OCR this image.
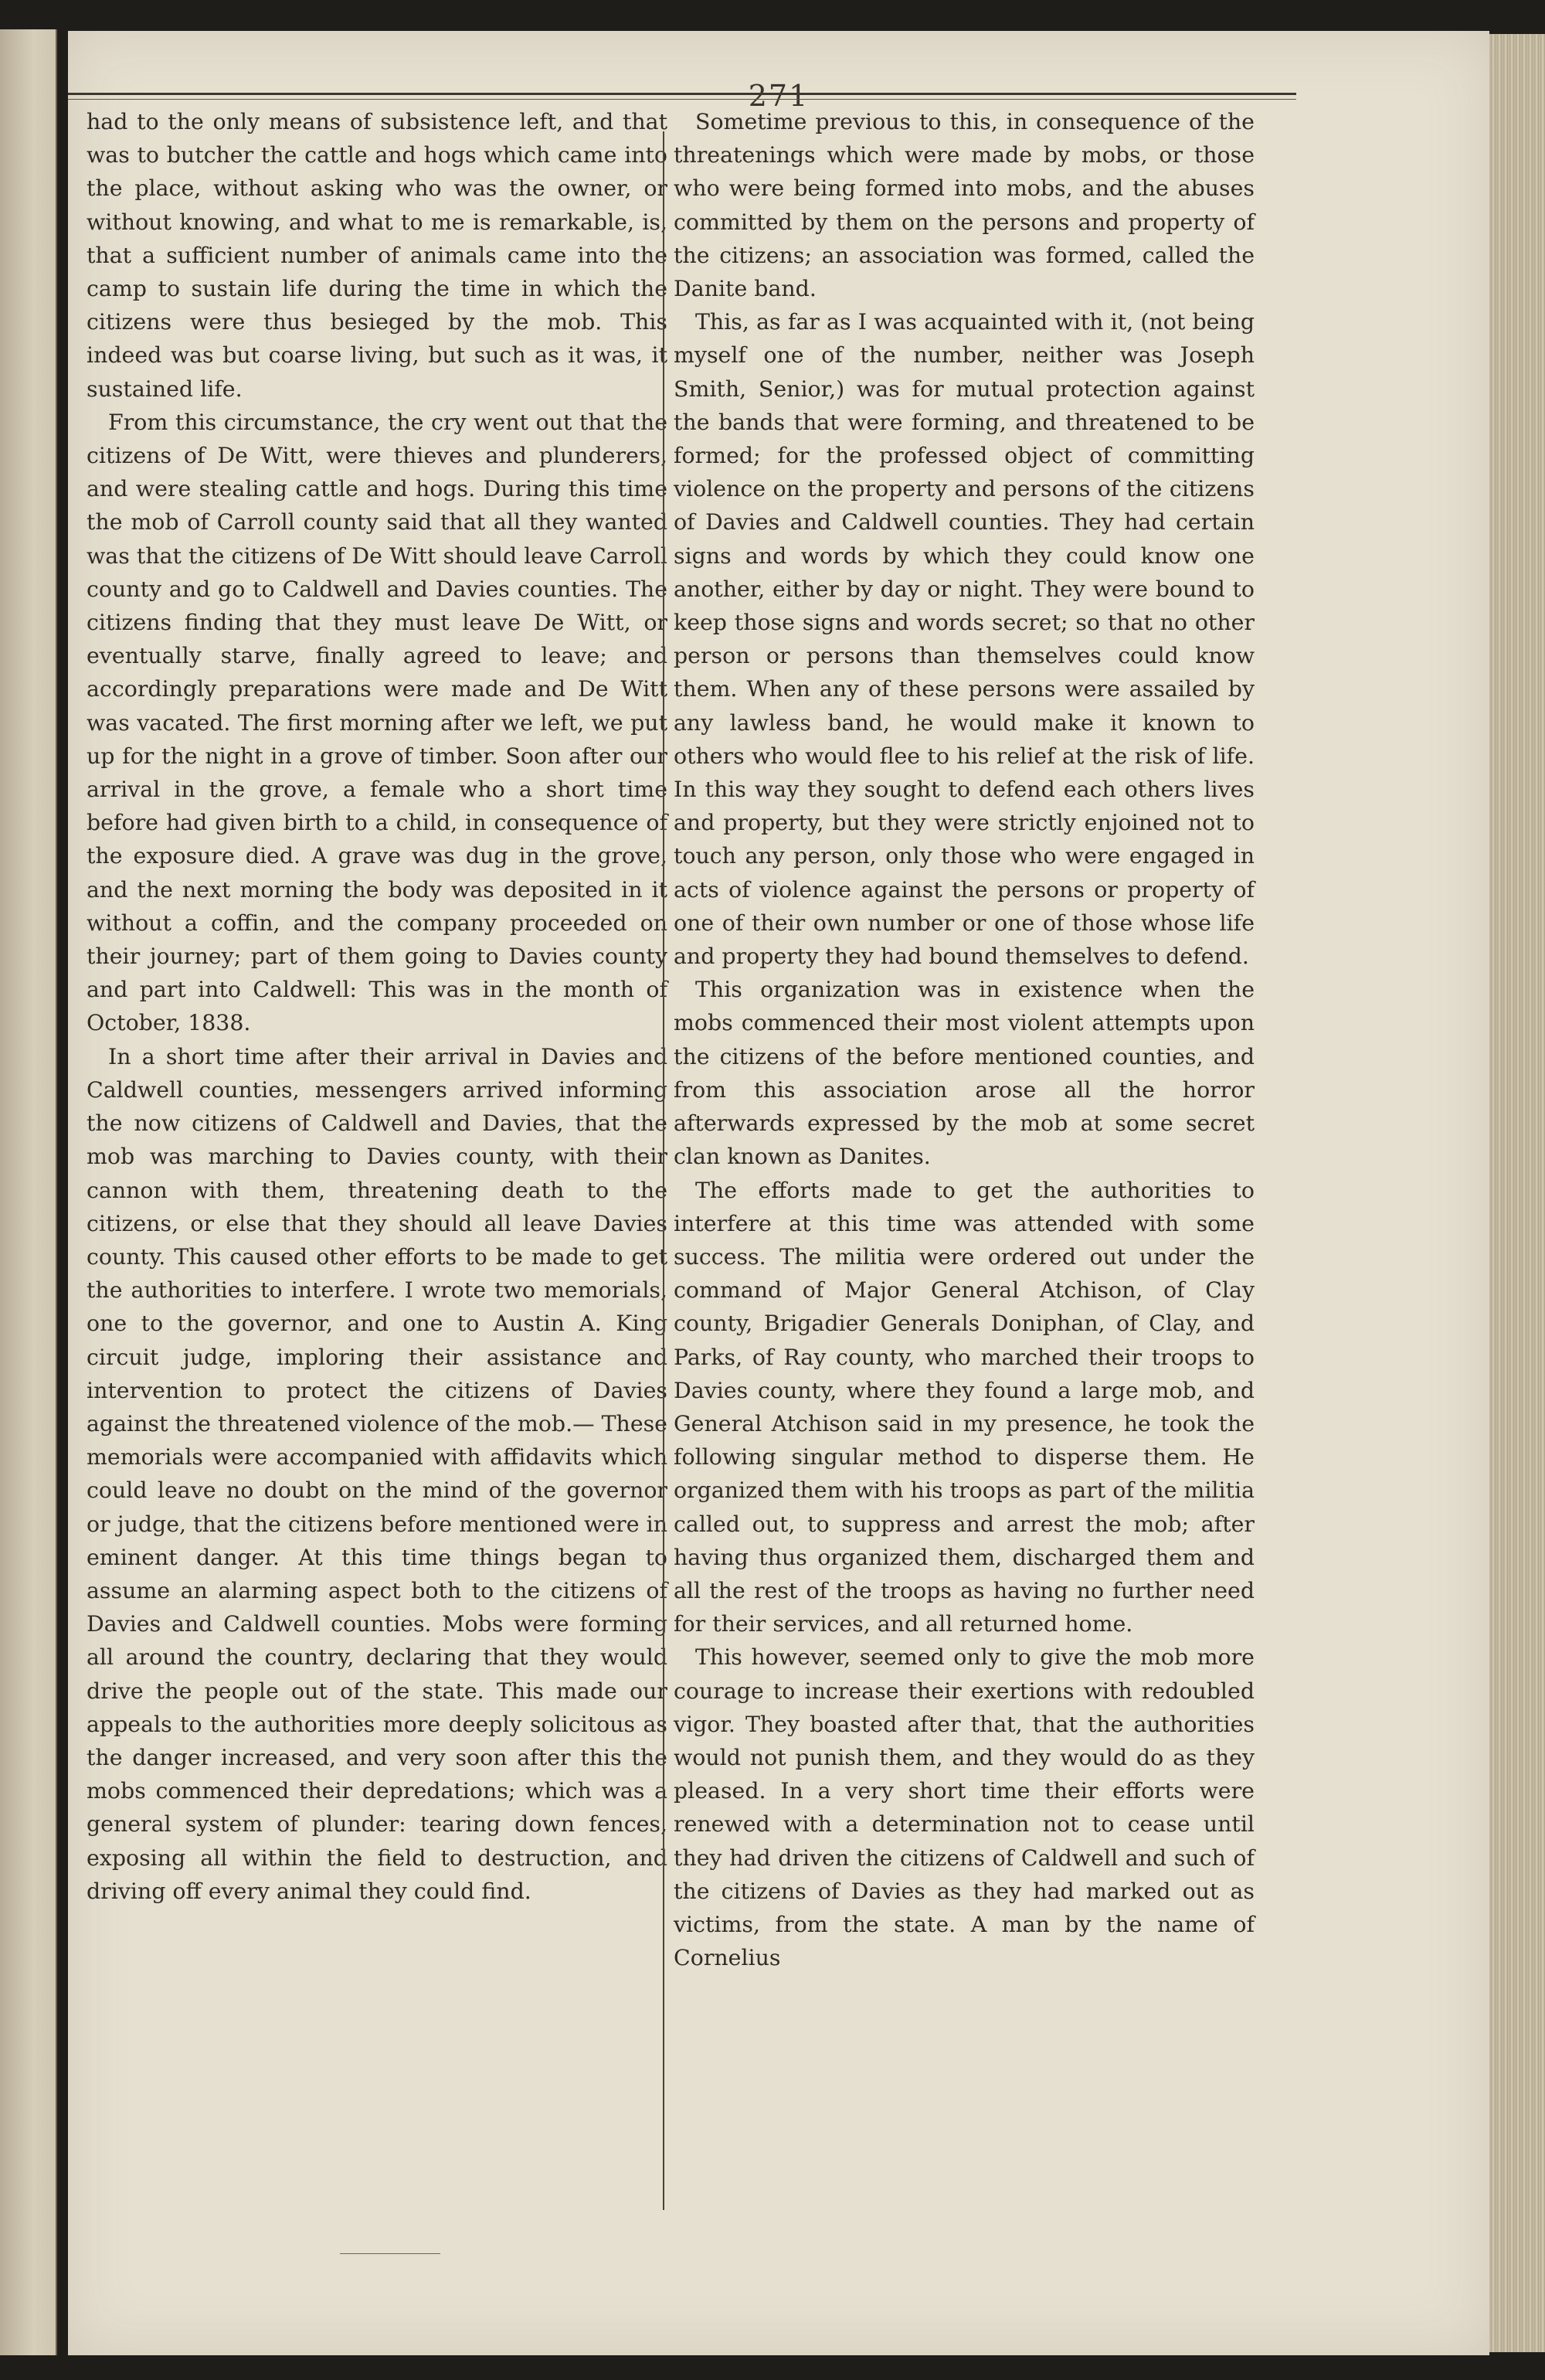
271

had to the only means of subsistence left, and that was to butcher the cattle and hogs which came into the place, without asking who was the owner, or without knowing, and what to me is remarkable, is, that a sufficient number of animals came into the camp to sustain life during the time in which the citizens were thus besieged by the mob. This indeed was but coarse living, but such as it was, it sustained life.

From this circumstance, the cry went out that the citizens of De Witt, were thieves and plunderers, and were stealing cattle and hogs. During this time the mob of Carroll county said that all they wanted was that the citizens of De Witt should leave Carroll county and go to Caldwell and Davies counties. The citizens finding that they must leave De Witt, or eventually starve, finally agreed to leave; and accordingly preparations were made and De Witt was vacated. The first morning after we left, we put up for the night in a grove of timber. Soon after our arrival in the grove, a female who a short time before had given birth to a child, in consequence of the exposure died. A grave was dug in the grove, and the next morning the body was deposited in it without a coffin, and the company proceeded on their journey; part of them going to Davies county and part into Caldwell: This was in the month of October, 1838.

In a short time after their arrival in Davies and Caldwell counties, messengers arrived informing the now citizens of Caldwell and Davies, that the mob was marching to Davies county, with their cannon with them, threatening death to the citizens, or else that they should all leave Davies county. This caused other efforts to be made to get the authorities to interfere. I wrote two memorials, one to the governor, and one to Austin A. King circuit judge, imploring their assistance and intervention to protect the citizens of Davies against the threatened violence of the mob.— These memorials were accompanied with affidavits which could leave no doubt on the mind of the governor or judge, that the citizens before mentioned were in eminent danger. At this time things began to assume an alarming aspect both to the citizens of Davies and Caldwell counties. Mobs were forming all around the country, declaring that they would drive the people out of the state. This made our appeals to the authorities more deeply solicitous as the danger increased, and very soon after this the mobs commenced their depredations; which was a general system of plunder: tearing down fences, exposing all within the field to destruction, and driving off every animal they could find.

Sometime previous to this, in consequence of the threatenings which were made by mobs, or those who were being formed into mobs, and the abuses committed by them on the persons and property of the citizens; an association was formed, called the Danite band.

This, as far as I was acquainted with it, (not being myself one of the number, neither was Joseph Smith, Senior,) was for mutual protection against the bands that were forming, and threatened to be formed; for the professed object of committing violence on the property and persons of the citizens of Davies and Caldwell counties. They had certain signs and words by which they could know one another, either by day or night. They were bound to keep those signs and words secret; so that no other person or persons than themselves could know them. When any of these persons were assailed by any lawless band, he would make it known to others who would flee to his relief at the risk of life. In this way they sought to defend each others lives and property, but they were strictly enjoined not to touch any person, only those who were engaged in acts of violence against the persons or property of one of their own number or one of those whose life and property they had bound themselves to defend.

This organization was in existence when the mobs commenced their most violent attempts upon the citizens of the before mentioned counties, and from this association arose all the horror afterwards expressed by the mob at some secret clan known as Danites.

The efforts made to get the authorities to interfere at this time was attended with some success. The militia were ordered out under the command of Major General Atchison, of Clay county, Brigadier Generals Doniphan, of Clay, and Parks, of Ray county, who marched their troops to Davies county, where they found a large mob, and General Atchison said in my presence, he took the following singular method to disperse them. He organized them with his troops as part of the militia called out, to suppress and arrest the mob; after having thus organized them, discharged them and all the rest of the troops as having no further need for their services, and all returned home.

This however, seemed only to give the mob more courage to increase their exertions with redoubled vigor. They boasted after that, that the authorities would not punish them, and they would do as they pleased. In a very short time their efforts were renewed with a determination not to cease until they had driven the citizens of Caldwell and such of the citizens of Davies as they had marked out as victims, from the state. A man by the name of Cornelius
